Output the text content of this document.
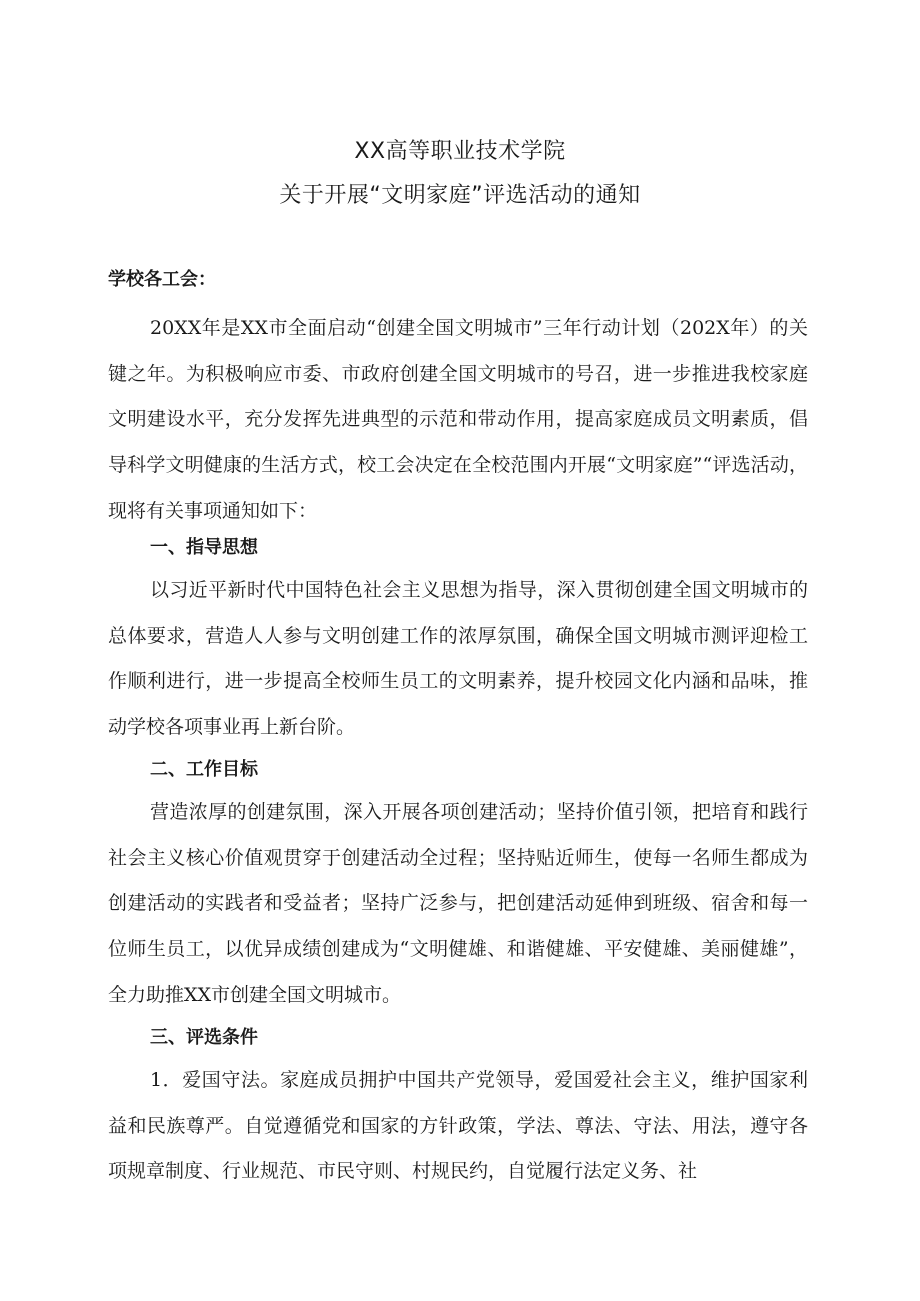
XX高等职业技术学院
关于开展“文明家庭”评选活动的通知

学校各工会：

20XX年是XX市全面启动“创建全国文明城市”三年行动计划（202X年）的关键之年。为积极响应市委、市政府创建全国文明城市的号召，进一步推进我校家庭文明建设水平，充分发挥先进典型的示范和带动作用，提高家庭成员文明素质，倡导科学文明健康的生活方式，校工会决定在全校范围内开展“文明家庭”“评选活动，现将有关事项通知如下：

一、指导思想

以习近平新时代中国特色社会主义思想为指导，深入贯彻创建全国文明城市的总体要求，营造人人参与文明创建工作的浓厚氛围，确保全国文明城市测评迎检工作顺利进行，进一步提高全校师生员工的文明素养，提升校园文化内涵和品味，推动学校各项事业再上新台阶。

二、工作目标

营造浓厚的创建氛围，深入开展各项创建活动；坚持价值引领，把培育和践行社会主义核心价值观贯穿于创建活动全过程；坚持贴近师生，使每一名师生都成为创建活动的实践者和受益者；坚持广泛参与，把创建活动延伸到班级、宿舍和每一位师生员工，以优异成绩创建成为“文明健雄、和谐健雄、平安健雄、美丽健雄”，全力助推XX市创建全国文明城市。

三、评选条件

1．爱国守法。家庭成员拥护中国共产党领导，爱国爱社会主义，维护国家利益和民族尊严。自觉遵循党和国家的方针政策，学法、尊法、守法、用法，遵守各项规章制度、行业规范、市民守则、村规民约，自觉履行法定义务、社
